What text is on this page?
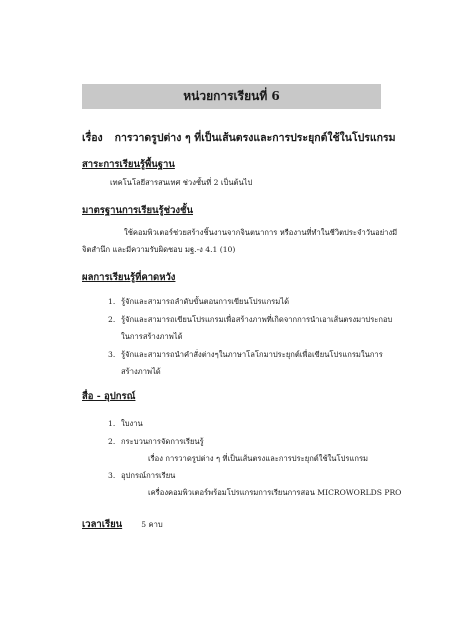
หน่วยการเรียนที่ 6
เรื่อง การวาดรูปต่าง ๆ ที่เป็นเส้นตรงและการประยุกต์ใช้ในโปรแกรม
สาระการเรียนรู้พื้นฐาน
เทคโนโลยีสารสนเทศ ช่วงชั้นที่ 2 เป็นต้นไป
มาตรฐานการเรียนรู้ช่วงชั้น
ใช้คอมพิวเตอร์ช่วยสร้างชิ้นงานจากจินตนาการ หรืองานที่ทำในชีวิตประจำวันอย่างมี
จิตสำนึก และมีความรับผิดชอบ มฐ.-ง 4.1 (10)
ผลการเรียนรู้ที่คาดหวัง
1. รู้จักและสามารถลำดับขั้นตอนการเขียนโปรแกรมได้
2. รู้จักและสามารถเขียนโปรแกรมเพื่อสร้างภาพที่เกิดจากการนำเอาเส้นตรงมาประกอบ
ในการสร้างภาพได้
3. รู้จักและสามารถนำคำสั่งต่างๆในภาษาโลโกมาประยุกต์เพื่อเขียนโปรแกรมในการ
สร้างภาพได้
สื่อ - อุปกรณ์
1. ใบงาน
2. กระบวนการจัดการเรียนรู้
เรื่อง การวาดรูปต่าง ๆ ที่เป็นเส้นตรงและการประยุกต์ใช้ในโปรแกรม
3. อุปกรณ์การเรียน
เครื่องคอมพิวเตอร์พร้อมโปรแกรมการเรียนการสอน MICROWORLDS PRO
เวลาเรียน	5 คาบ
